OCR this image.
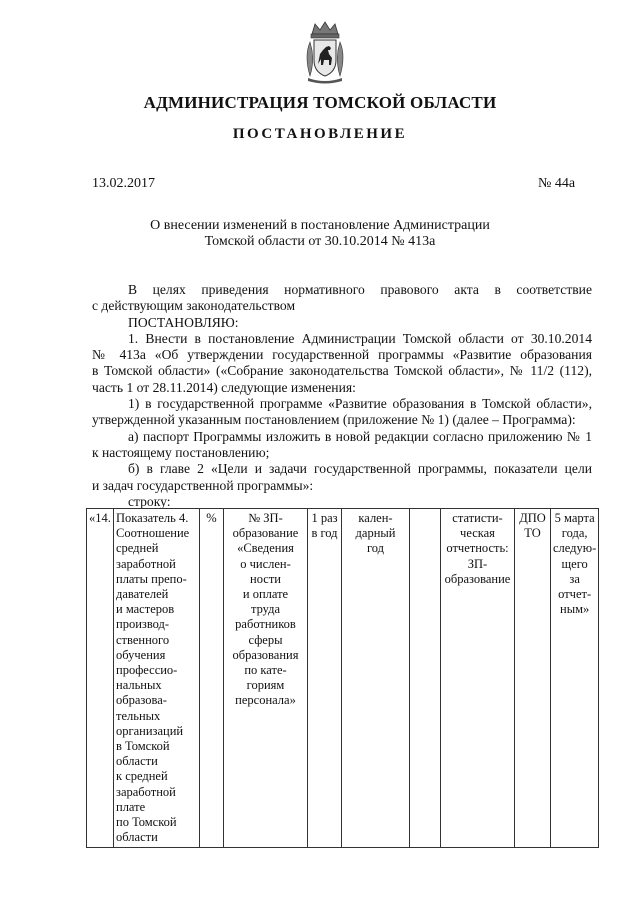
АДМИНИСТРАЦИЯ ТОМСКОЙ ОБЛАСТИ
ПОСТАНОВЛЕНИЕ
13.02.2017	№ 44а
О внесении изменений в постановление Администрации
Томской области от 30.10.2014 № 413а
В целях приведения нормативного правового акта в соответствие
с действующим законодательством
ПОСТАНОВЛЯЮ:
1. Внести в постановление Администрации Томской области от 30.10.2014
№ 413а «Об утверждении государственной программы «Развитие образования
в Томской области» («Собрание законодательства Томской области», № 11/2 (112),
часть 1 от 28.11.2014) следующие изменения:
1) в государственной программе «Развитие образования в Томской области»,
утвержденной указанным постановлением (приложение № 1) (далее – Программа):
а) паспорт Программы изложить в новой редакции согласно приложению № 1
к настоящему постановлению;
б) в главе 2 «Цели и задачи государственной программы, показатели цели
и задач государственной программы»:
строку:
«14.	Показатель 4.
Соотношение
средней
заработной
платы препо-
давателей
и мастеров
производ-
ственного
обучения
профессио-
нальных
образова-
тельных
организаций
в Томской
области
к средней
заработной
плате
по Томской
области	%	№ ЗП-
образование
«Сведения
о числен-
ности
и оплате
труда
работников
сферы
образования
по кате-
гориям
персонала»	1 раз
в год	кален-
дарный
год		статисти-
ческая
отчетность:
ЗП-
образование	ДПО
ТО	5 марта
года,
следую-
щего
за отчет-
ным»
